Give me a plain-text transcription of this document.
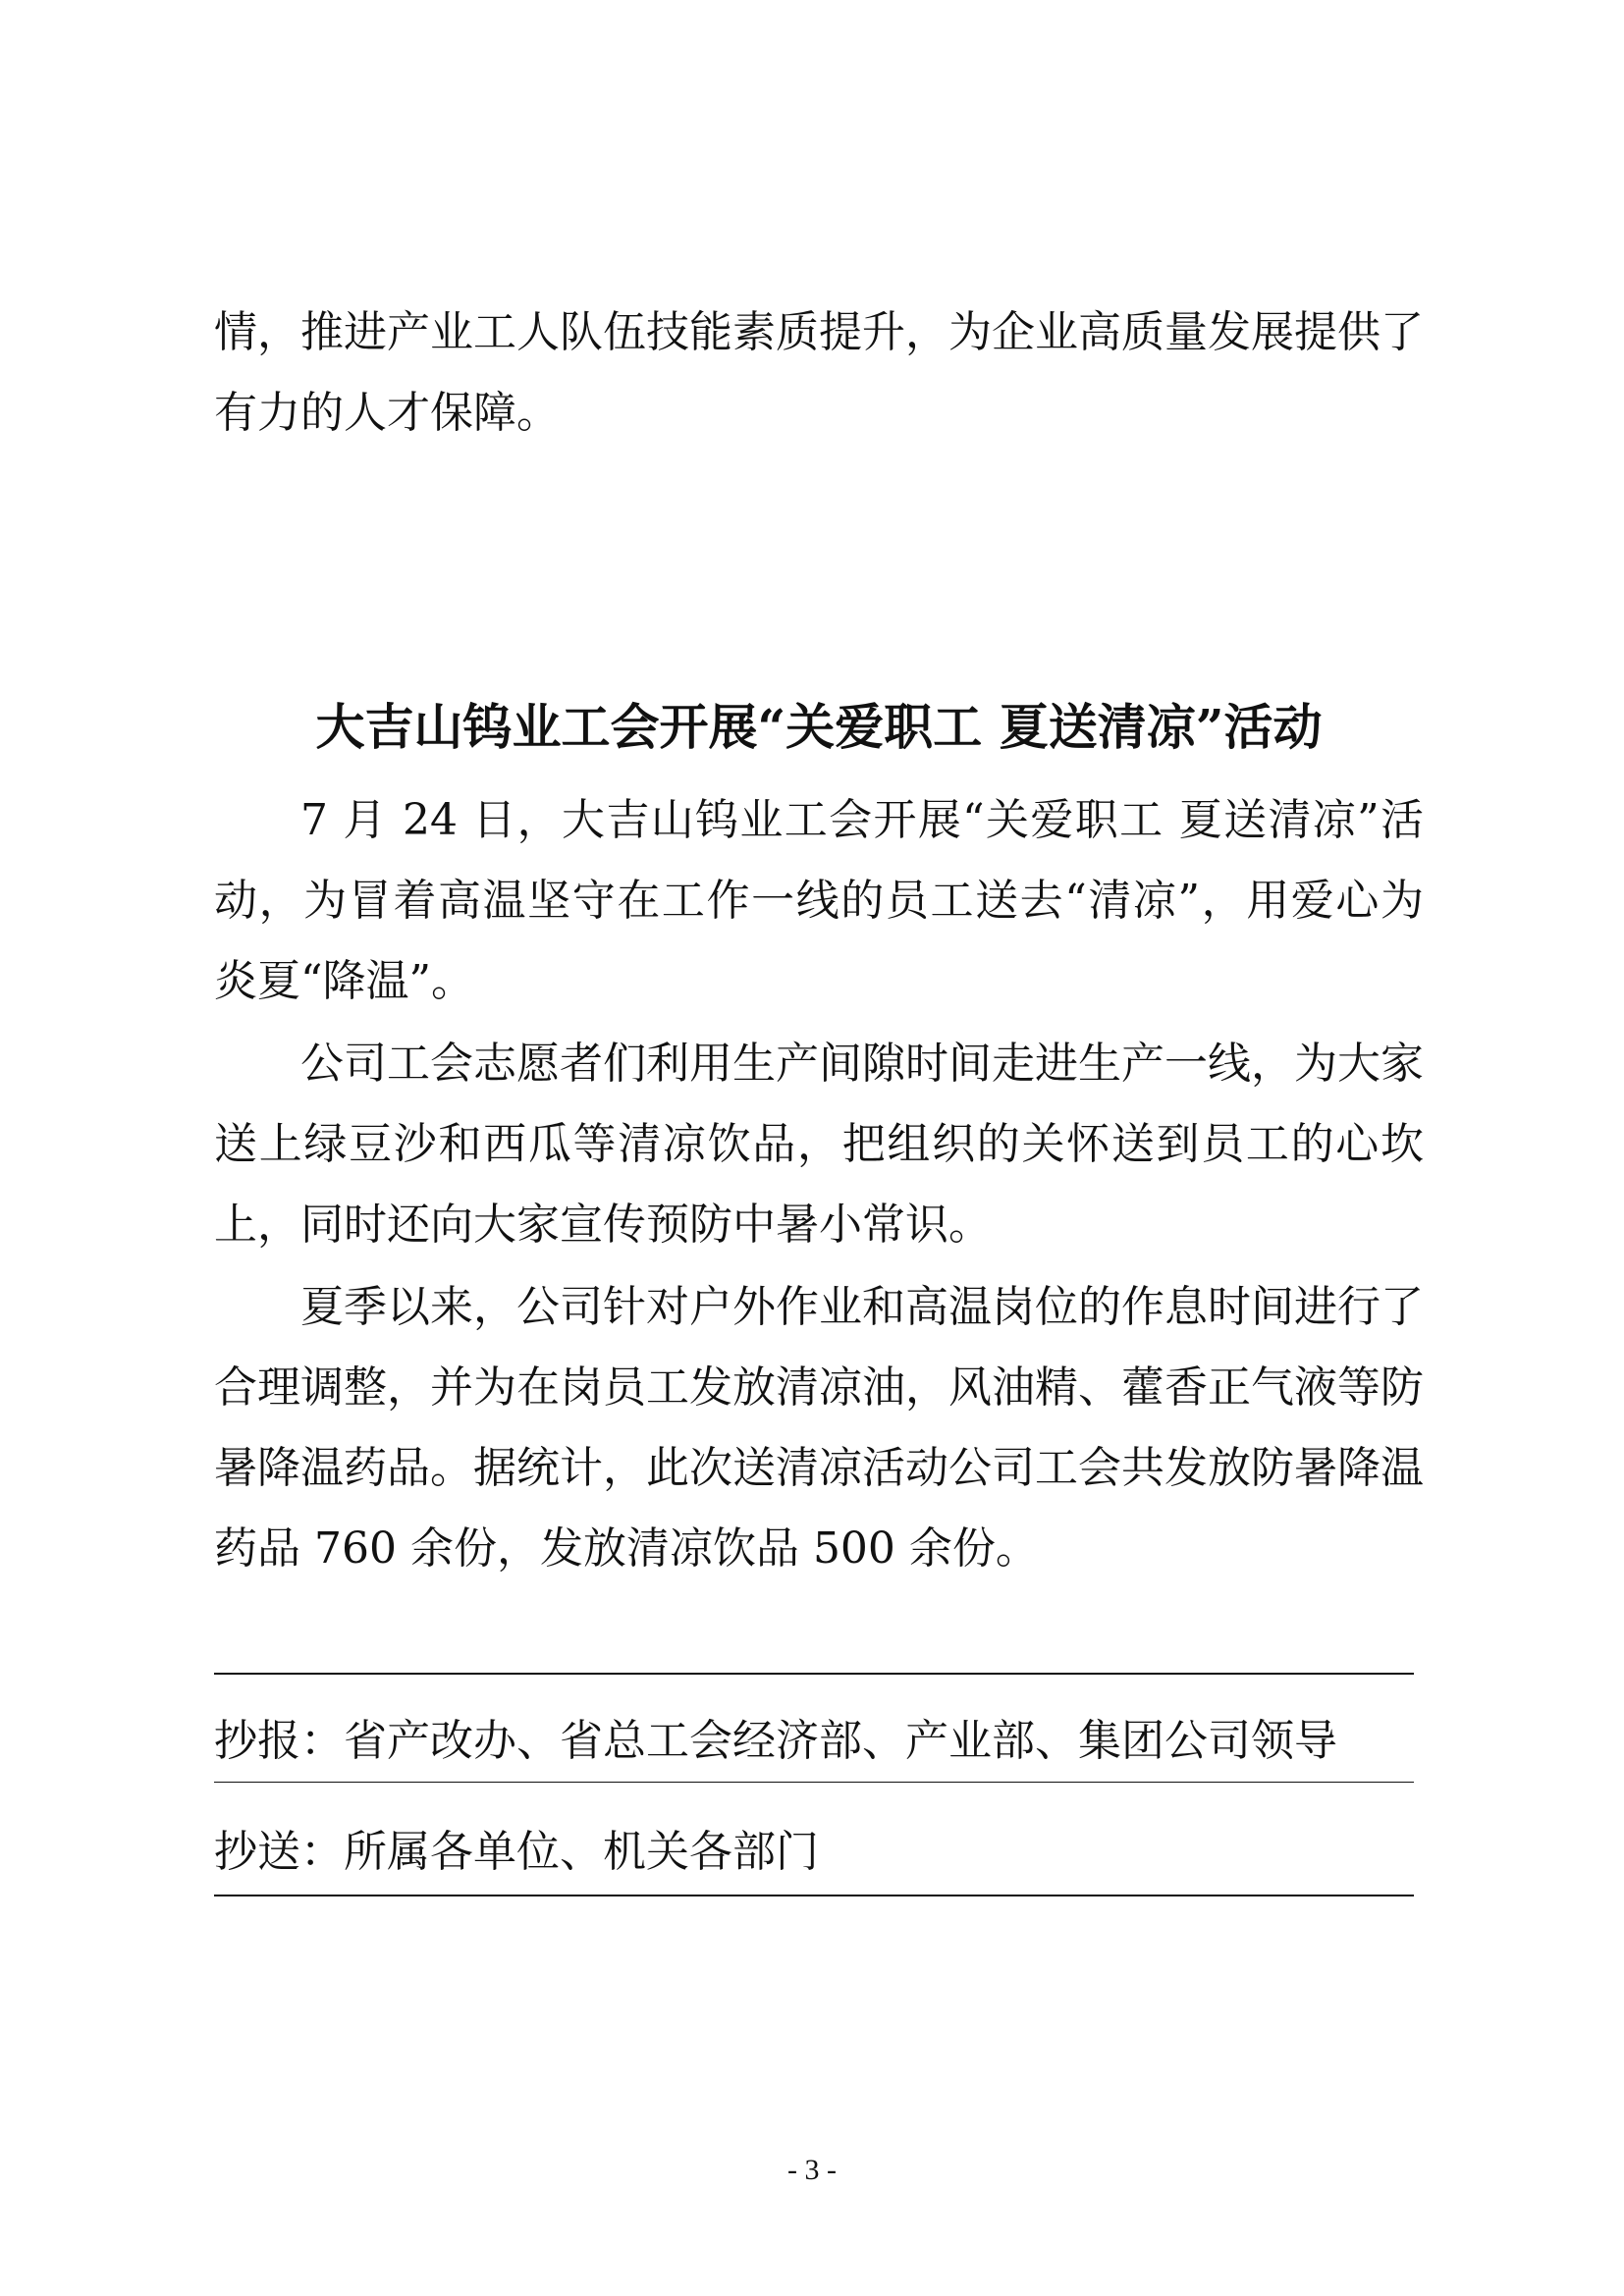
情，推进产业工人队伍技能素质提升，为企业高质量发展提供了有力的人才保障。

大吉山钨业工会开展“关爱职工 夏送清凉”活动

7 月 24 日，大吉山钨业工会开展“关爱职工 夏送清凉”活动，为冒着高温坚守在工作一线的员工送去“清凉”，用爱心为炎夏“降温”。

公司工会志愿者们利用生产间隙时间走进生产一线，为大家送上绿豆沙和西瓜等清凉饮品，把组织的关怀送到员工的心坎上，同时还向大家宣传预防中暑小常识。

夏季以来，公司针对户外作业和高温岗位的作息时间进行了合理调整，并为在岗员工发放清凉油，风油精、藿香正气液等防暑降温药品。据统计，此次送清凉活动公司工会共发放防暑降温药品 760 余份，发放清凉饮品 500 余份。

抄报：省产改办、省总工会经济部、产业部、集团公司领导

抄送：所属各单位、机关各部门

- 3 -
